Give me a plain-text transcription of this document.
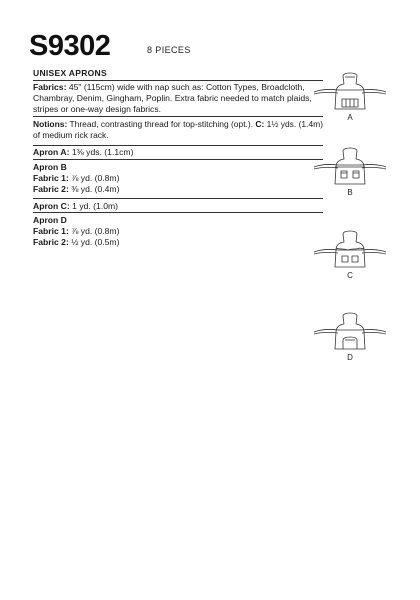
S9302	8 PIECES
UNISEX APRONS
Fabrics: 45" (115cm) wide with nap such as: Cotton Types, Broadcloth,
Chambray, Denim, Gingham, Poplin. Extra fabric needed to match plaids,
stripes or one-way design fabrics.
Notions: Thread, contrasting thread for top-stitching (opt.). C: 1½ yds. (1.4m)
of medium rick rack.
Apron A: 1⅜ yds. (1.1cm)
Apron B
Fabric 1: ⅞ yd. (0.8m)
Fabric 2: ⅜ yd. (0.4m)
Apron C: 1 yd. (1.0m)
Apron D
Fabric 1: ⅞ yd. (0.8m)
Fabric 2: ½ yd. (0.5m)
A
B
C
D
